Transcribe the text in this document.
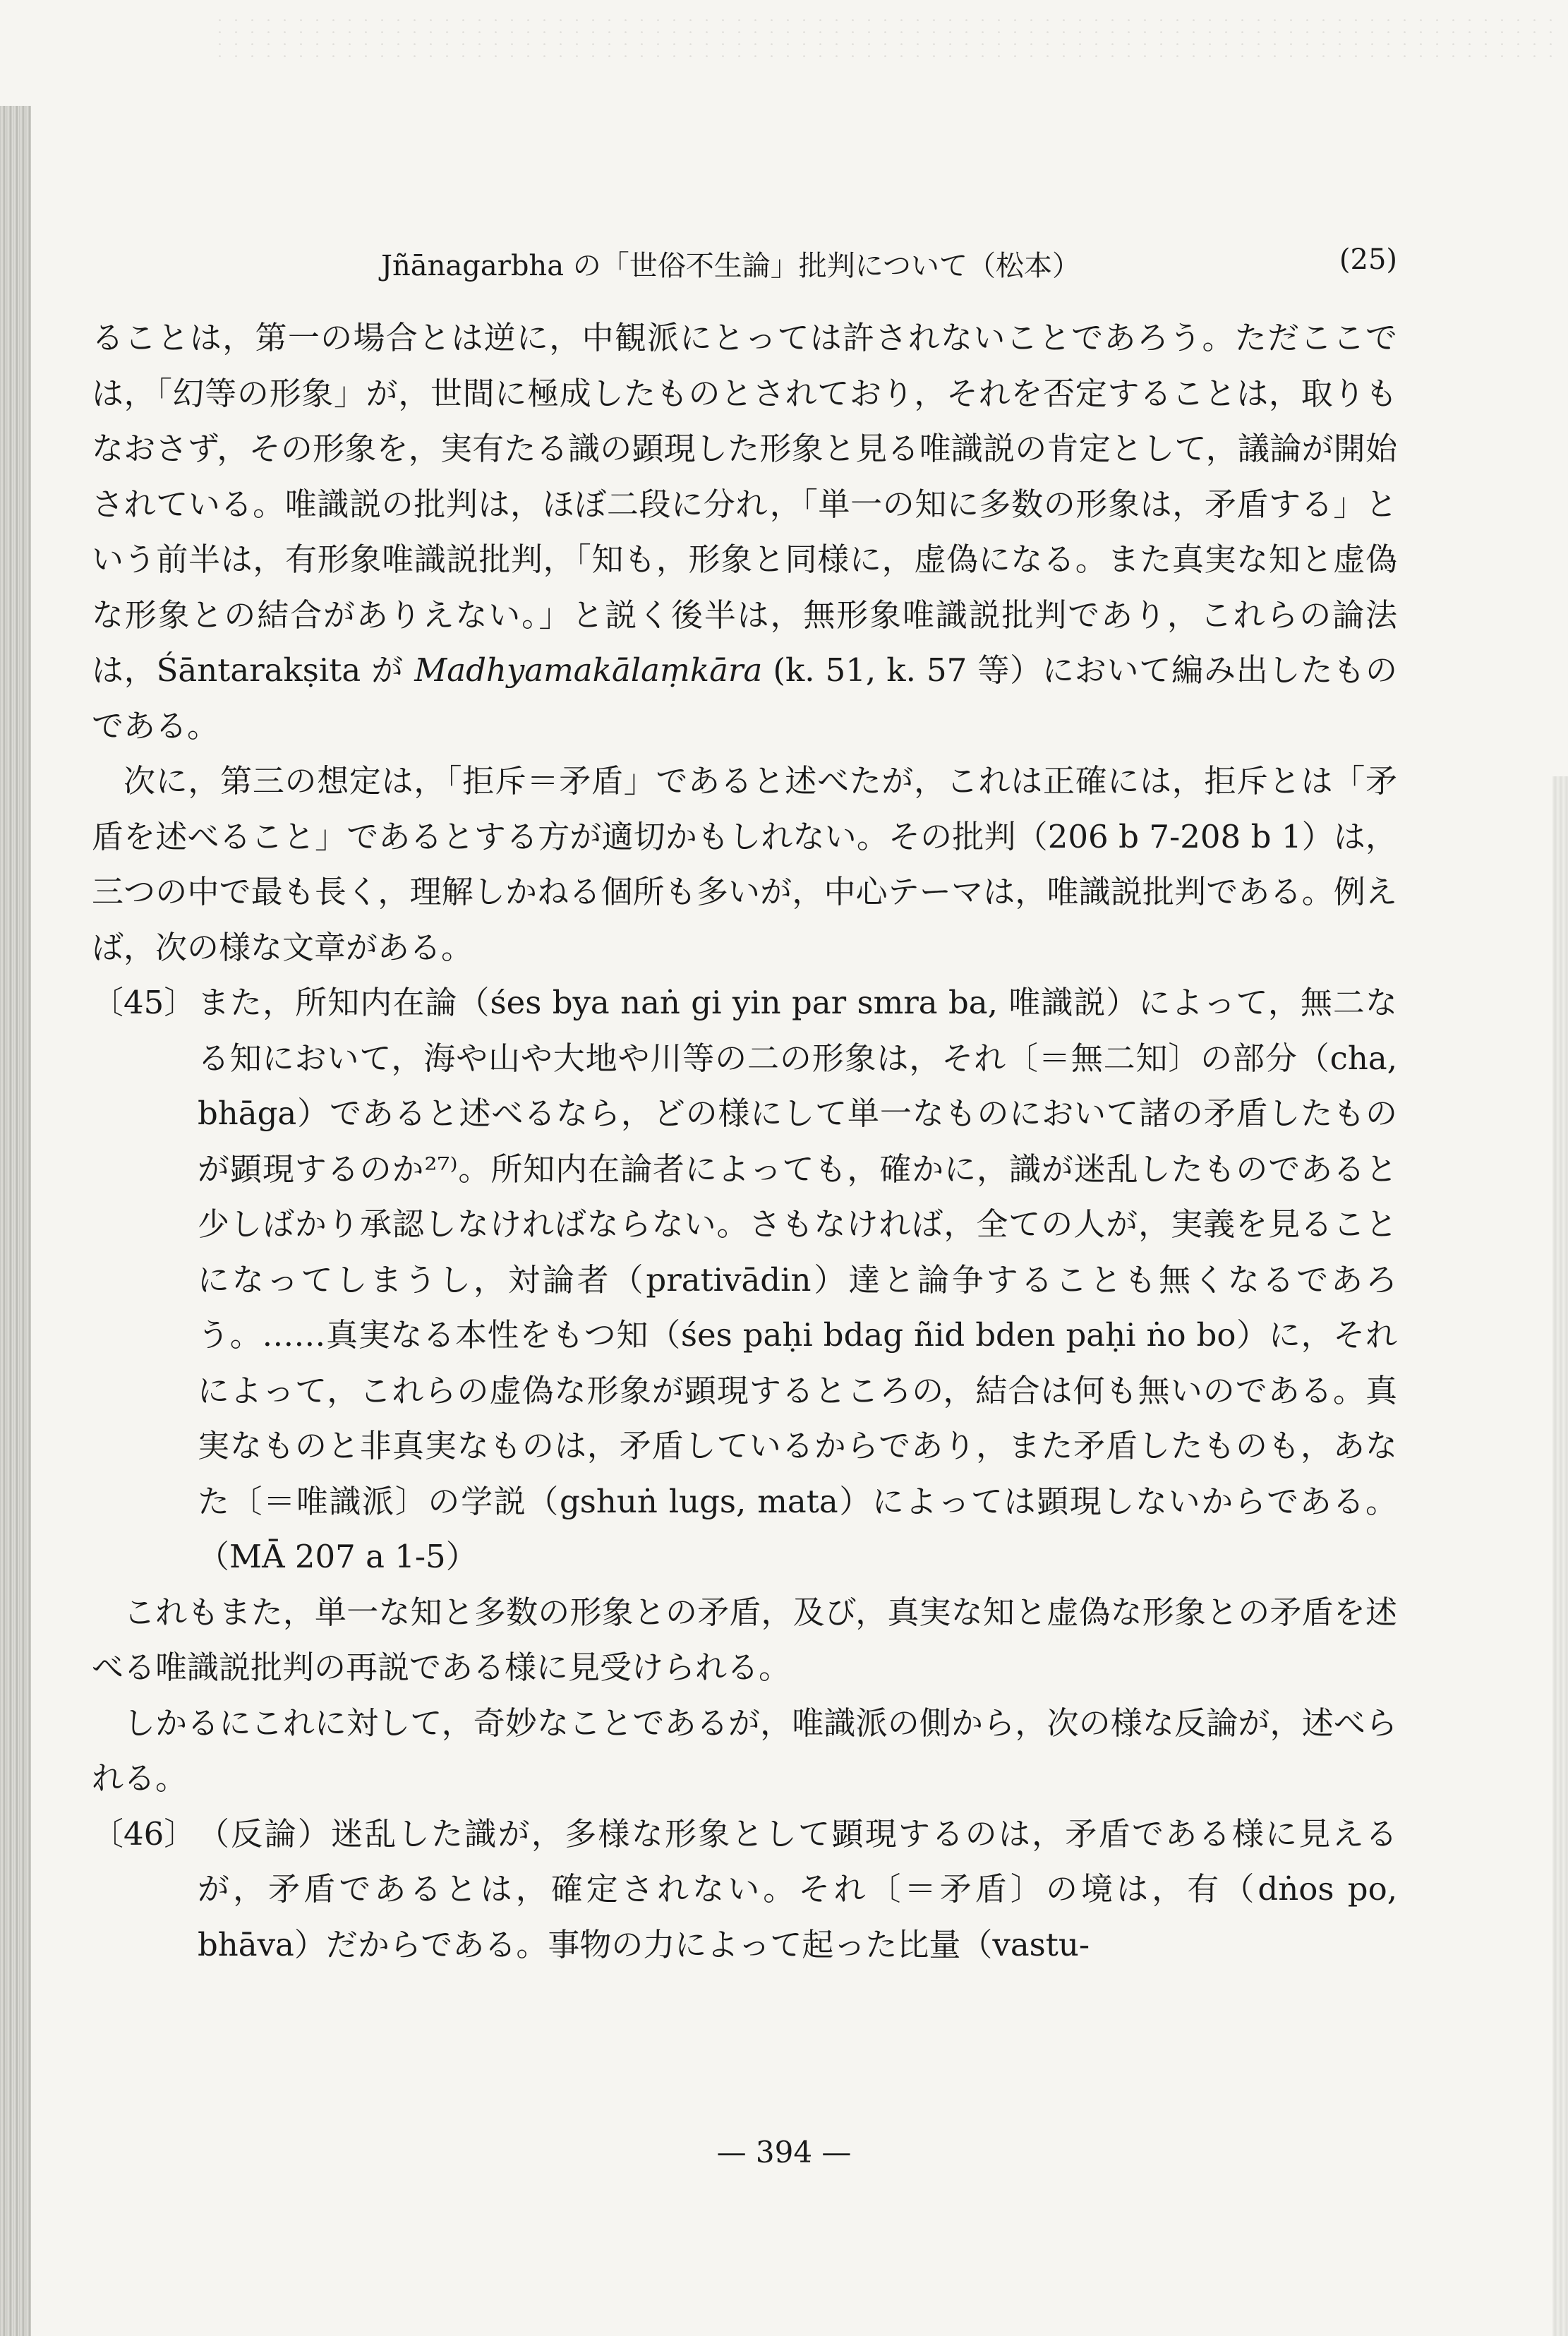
Jñānagarbha の「世俗不生論」批判について（松本）	(25)

ることは，第一の場合とは逆に，中観派にとっては許されないことであろう。ただここでは，「幻等の形象」が，世間に極成したものとされており，それを否定することは，取りもなおさず，その形象を，実有たる識の顕現した形象と見る唯識説の肯定として，議論が開始されている。唯識説の批判は，ほぼ二段に分れ，「単一の知に多数の形象は，矛盾する」という前半は，有形象唯識説批判，「知も，形象と同様に，虚偽になる。また真実な知と虚偽な形象との結合がありえない。」と説く後半は，無形象唯識説批判であり，これらの論法は，Śāntarakṣita が Madhyamakālaṃkāra (k. 51, k. 57 等）において編み出したものである。

次に，第三の想定は，「拒斥＝矛盾」であると述べたが，これは正確には，拒斥とは「矛盾を述べること」であるとする方が適切かもしれない。その批判（206 b 7-208 b 1）は，三つの中で最も長く，理解しかねる個所も多いが，中心テーマは，唯識説批判である。例えば，次の様な文章がある。

〔45〕 また，所知内在論（śes bya naṅ gi yin par smra ba, 唯識説）によって，無二なる知において，海や山や大地や川等の二の形象は，それ〔＝無二知〕の部分（cha, bhāga）であると述べるなら，どの様にして単一なものにおいて諸の矛盾したものが顕現するのか²⁷⁾。所知内在論者によっても，確かに，識が迷乱したものであると少しばかり承認しなければならない。さもなければ，全ての人が，実義を見ることになってしまうし，対論者（prativādin）達と論争することも無くなるであろう。……真実なる本性をもつ知（śes paḥi bdag ñid bden paḥi ṅo bo）に，それによって，これらの虚偽な形象が顕現するところの，結合は何も無いのである。真実なものと非真実なものは，矛盾しているからであり，また矛盾したものも，あなた〔＝唯識派〕の学説（gshuṅ lugs, mata）によっては顕現しないからである。（MĀ 207 a 1-5）

これもまた，単一な知と多数の形象との矛盾，及び，真実な知と虚偽な形象との矛盾を述べる唯識説批判の再説である様に見受けられる。

しかるにこれに対して，奇妙なことであるが，唯識派の側から，次の様な反論が，述べられる。

〔46〕 （反論）迷乱した識が，多様な形象として顕現するのは，矛盾である様に見えるが，矛盾であるとは，確定されない。それ〔＝矛盾〕の境は，有（dṅos po, bhāva）だからである。事物の力によって起った比量（vastu-
— 394 —
